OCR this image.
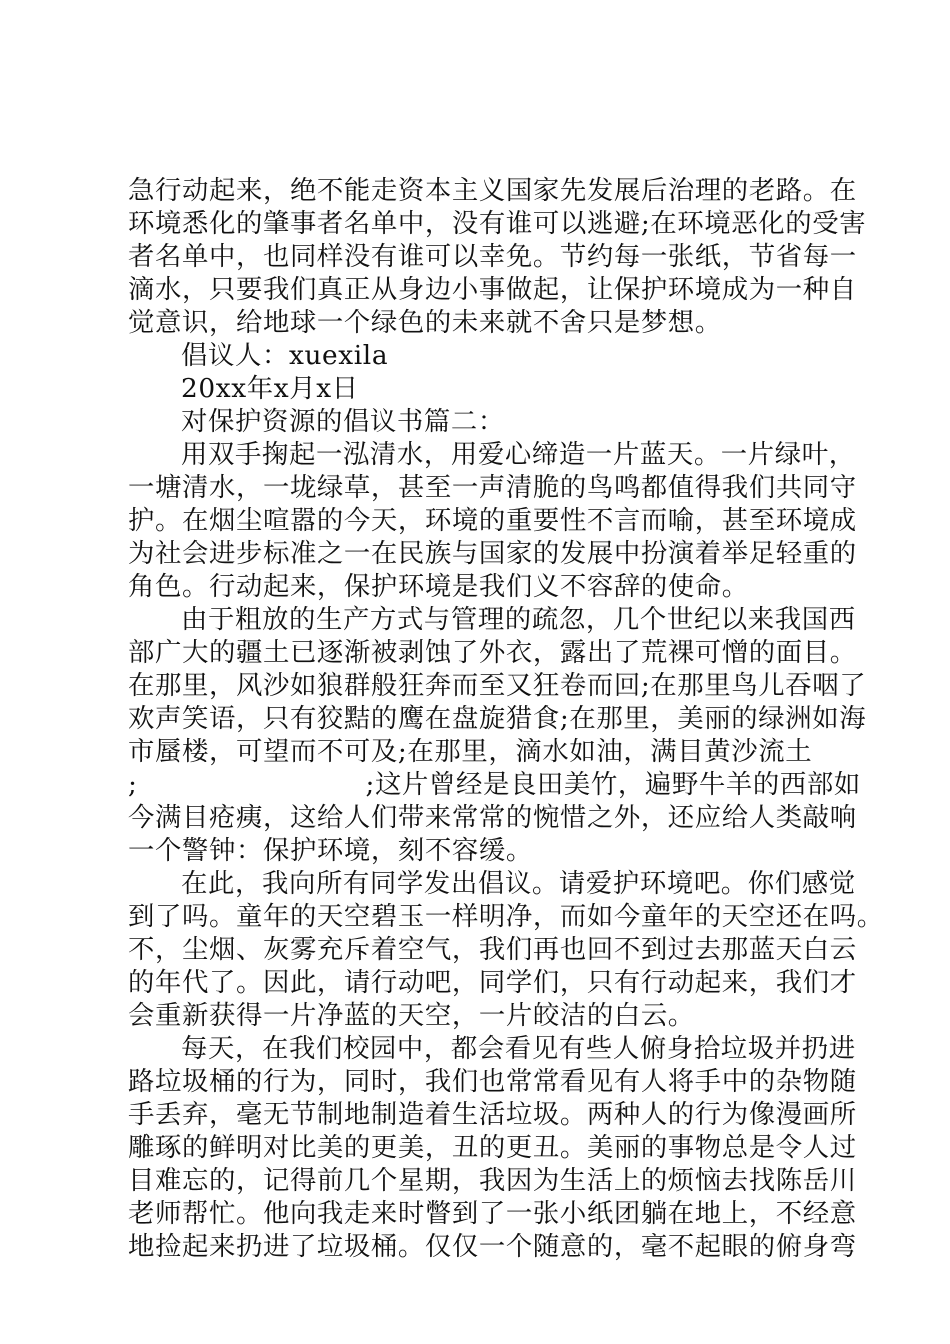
急行动起来，绝不能走资本主义国家先发展后治理的老路。在
环境悉化的肇事者名单中，没有谁可以逃避;在环境恶化的受害
者名单中，也同样没有谁可以幸免。节约每一张纸，节省每一
滴水，只要我们真正从身边小事做起，让保护环境成为一种自
觉意识，给地球一个绿色的未来就不舍只是梦想。
倡议人：xuexila
20xx年x月x日
对保护资源的倡议书篇二：
用双手掬起一泓清水，用爱心缔造一片蓝天。一片绿叶，
一塘清水，一垅绿草，甚至一声清脆的鸟鸣都值得我们共同守
护。在烟尘喧嚣的今天，环境的重要性不言而喻，甚至环境成
为社会进步标准之一在民族与国家的发展中扮演着举足轻重的
角色。行动起来，保护环境是我们义不容辞的使命。
由于粗放的生产方式与管理的疏忽，几个世纪以来我国西
部广大的疆土已逐渐被剥蚀了外衣，露出了荒裸可憎的面目。
在那里，风沙如狼群般狂奔而至又狂卷而回;在那里鸟儿吞咽了
欢声笑语，只有狡黠的鹰在盘旋猎食;在那里，美丽的绿洲如海
市蜃楼，可望而不可及;在那里，滴水如油，满目黄沙流土
;	;这片曾经是良田美竹，遍野牛羊的西部如
今满目疮痍，这给人们带来常常的惋惜之外，还应给人类敲响
一个警钟：保护环境，刻不容缓。
在此，我向所有同学发出倡议。请爱护环境吧。你们感觉
到了吗。童年的天空碧玉一样明净，而如今童年的天空还在吗。
不，尘烟、灰雾充斥着空气，我们再也回不到过去那蓝天白云
的年代了。因此，请行动吧，同学们，只有行动起来，我们才
会重新获得一片净蓝的天空，一片皎洁的白云。
每天，在我们校园中，都会看见有些人俯身拾垃圾并扔进
路垃圾桶的行为，同时，我们也常常看见有人将手中的杂物随
手丢弃，毫无节制地制造着生活垃圾。两种人的行为像漫画所
雕琢的鲜明对比美的更美，丑的更丑。美丽的事物总是令人过
目难忘的，记得前几个星期，我因为生活上的烦恼去找陈岳川
老师帮忙。他向我走来时瞥到了一张小纸团躺在地上，不经意
地捡起来扔进了垃圾桶。仅仅一个随意的，毫不起眼的俯身弯
